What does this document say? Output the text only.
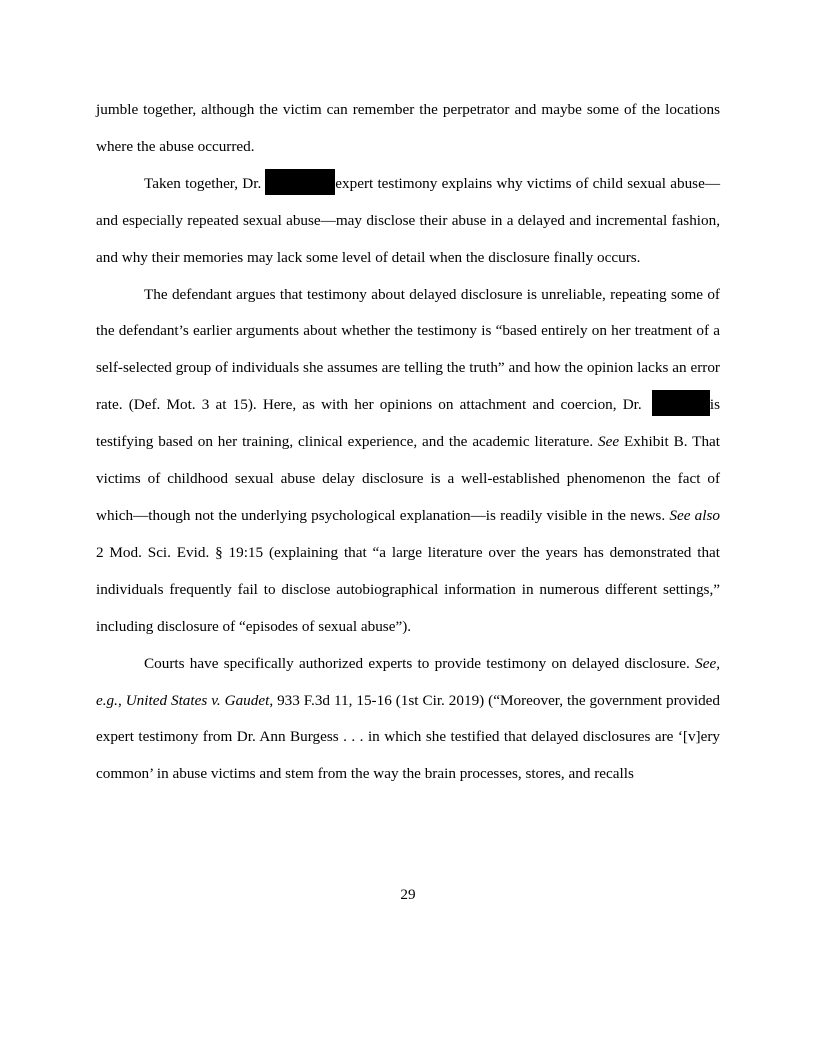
jumble together, although the victim can remember the perpetrator and maybe some of the locations where the abuse occurred.

Taken together, Dr.	expert testimony explains why victims of child sexual abuse—and especially repeated sexual abuse—may disclose their abuse in a delayed and incremental fashion, and why their memories may lack some level of detail when the disclosure finally occurs.

The defendant argues that testimony about delayed disclosure is unreliable, repeating some of the defendant’s earlier arguments about whether the testimony is “based entirely on her treatment of a self-selected group of individuals she assumes are telling the truth” and how the opinion lacks an error rate. (Def. Mot. 3 at 15). Here, as with her opinions on attachment and coercion, Dr.	is testifying based on her training, clinical experience, and the academic literature. See Exhibit B. That victims of childhood sexual abuse delay disclosure is a well-established phenomenon the fact of which—though not the underlying psychological explanation—is readily visible in the news. See also 2 Mod. Sci. Evid. § 19:15 (explaining that “a large literature over the years has demonstrated that individuals frequently fail to disclose autobiographical information in numerous different settings,” including disclosure of “episodes of sexual abuse”).

Courts have specifically authorized experts to provide testimony on delayed disclosure. See, e.g., United States v. Gaudet, 933 F.3d 11, 15-16 (1st Cir. 2019) (“Moreover, the government provided expert testimony from Dr. Ann Burgess . . . in which she testified that delayed disclosures are ‘[v]ery common’ in abuse victims and stem from the way the brain processes, stores, and recalls

29
